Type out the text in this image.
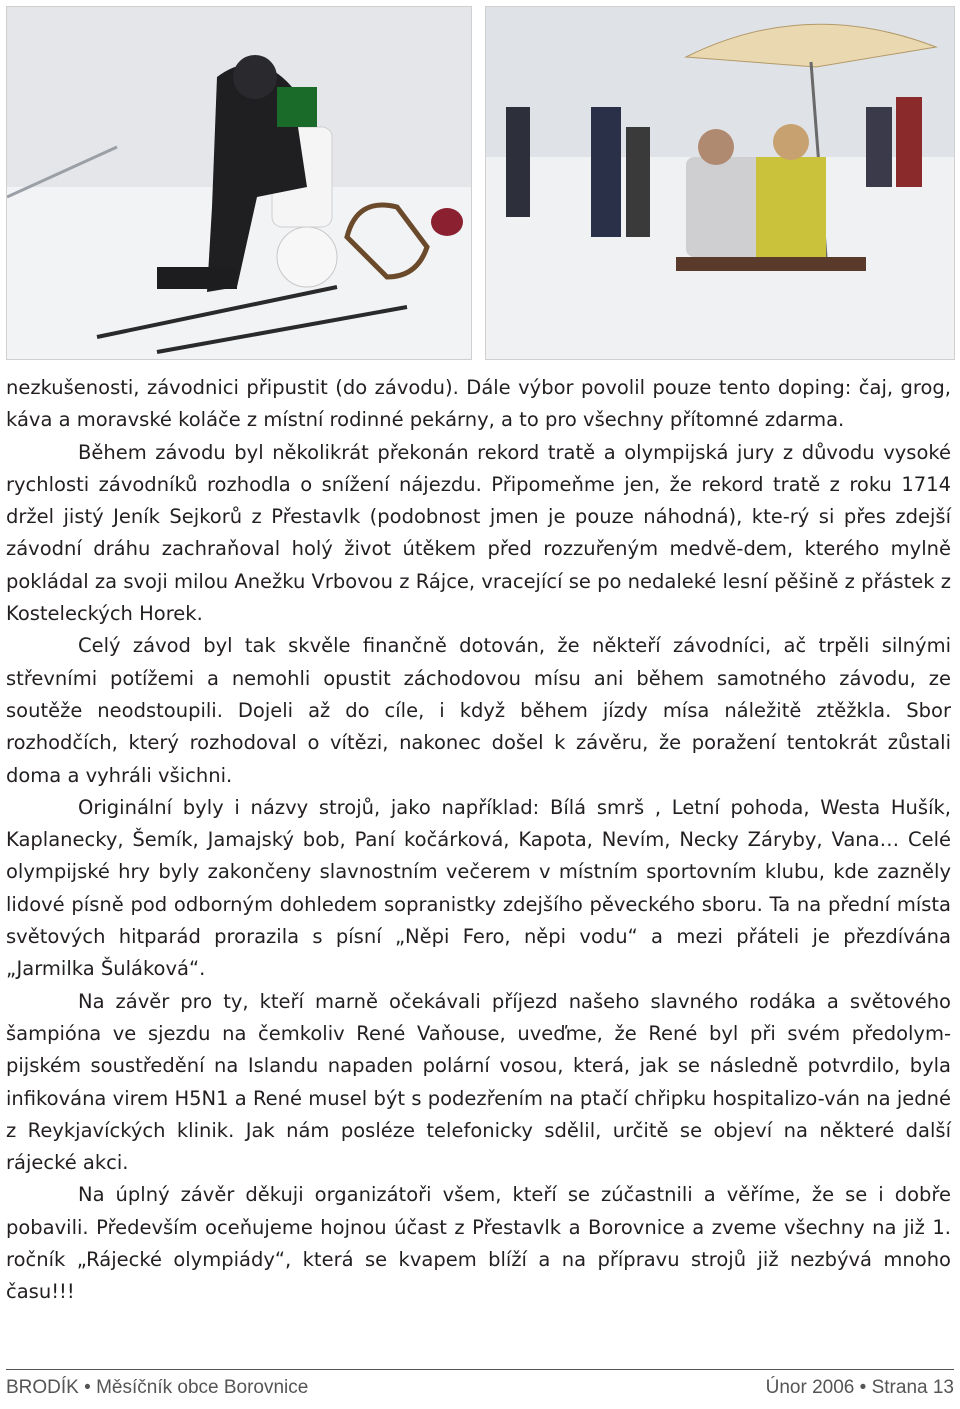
nezkušenosti, závodnici připustit (do závodu). Dále výbor povolil pouze tento doping: čaj, grog, káva a moravské koláče z místní rodinné pekárny, a to pro všechny přítomné zdarma.

Během závodu byl několikrát překonán rekord tratě a olympijská jury z důvodu vysoké rychlosti závodníků rozhodla o snížení nájezdu. Připomeňme jen, že rekord tratě z roku 1714 držel jistý Jeník Sejkorů z Přestavlk (podobnost jmen je pouze náhodná), kte-rý si přes zdejší závodní dráhu zachraňoval holý život útěkem před rozzuřeným medvě-dem, kterého mylně pokládal za svoji milou Anežku Vrbovou z Rájce, vracející se po nedaleké lesní pěšině z přástek z Kosteleckých Horek.

Celý závod byl tak skvěle finančně dotován, že někteří závodníci, ač trpěli silnými střevními potížemi a nemohli opustit záchodovou mísu ani během samotného závodu, ze soutěže neodstoupili. Dojeli až do cíle, i když během jízdy mísa náležitě ztěžkla. Sbor rozhodčích, který rozhodoval o vítězi, nakonec došel k závěru, že poražení tentokrát zůstali doma a vyhráli všichni.

Originální byly i názvy strojů, jako například: Bílá smrš , Letní pohoda, Westa Hušík, Kaplanecky, Šemík, Jamajský bob, Paní kočárková, Kapota, Nevím, Necky Záryby, Vana… Celé olympijské hry byly zakončeny slavnostním večerem v místním sportovním klubu, kde zazněly lidové písně pod odborným dohledem sopranistky zdejšího pěveckého sboru. Ta na přední místa světových hitparád prorazila s písní „Něpi Fero, něpi vodu“ a mezi přáteli je přezdívána „Jarmilka Šuláková“.

Na závěr pro ty, kteří marně očekávali příjezd našeho slavného rodáka a světového šampióna ve sjezdu na čemkoliv René Vaňouse, uveďme, že René byl při svém předolym-pijském soustředění na Islandu napaden polární vosou, která, jak se následně potvrdilo, byla infikována virem H5N1 a René musel být s podezřením na ptačí chřipku hospitalizo-ván na jedné z Reykjavíckých klinik. Jak nám posléze telefonicky sdělil, určitě se objeví na některé další rájecké akci.

Na úplný závěr děkuji organizátoři všem, kteří se zúčastnili a věříme, že se i dobře pobavili. Především oceňujeme hojnou účast z Přestavlk a Borovnice a zveme všechny na již 1. ročník „Rájecké olympiády“, která se kvapem blíží a na přípravu strojů již nezbývá mnoho času!!!

BRODÍK • Měsíčník obce Borovnice	Únor 2006 • Strana 13
